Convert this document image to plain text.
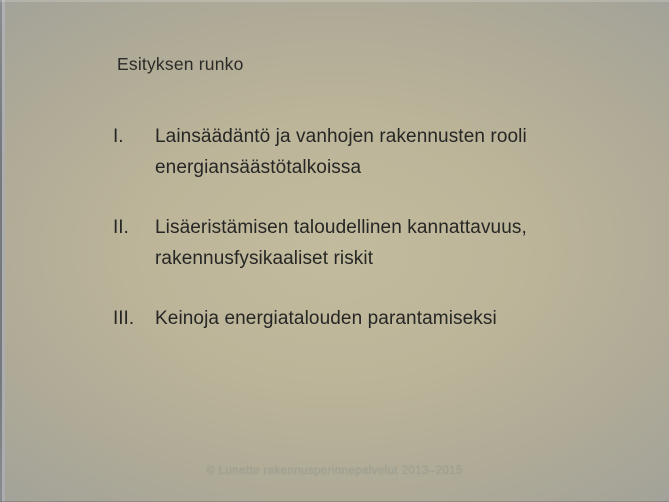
Esityksen runko
I.	Lainsäädäntö ja vanhojen rakennusten rooli energiansäästötalkoissa
II.	Lisäeristämisen taloudellinen kannattavuus, rakennusfysikaaliset riskit
III.	Keinoja energiatalouden parantamiseksi
© Lunette rakennusperinnepalvelut 2013–2015
